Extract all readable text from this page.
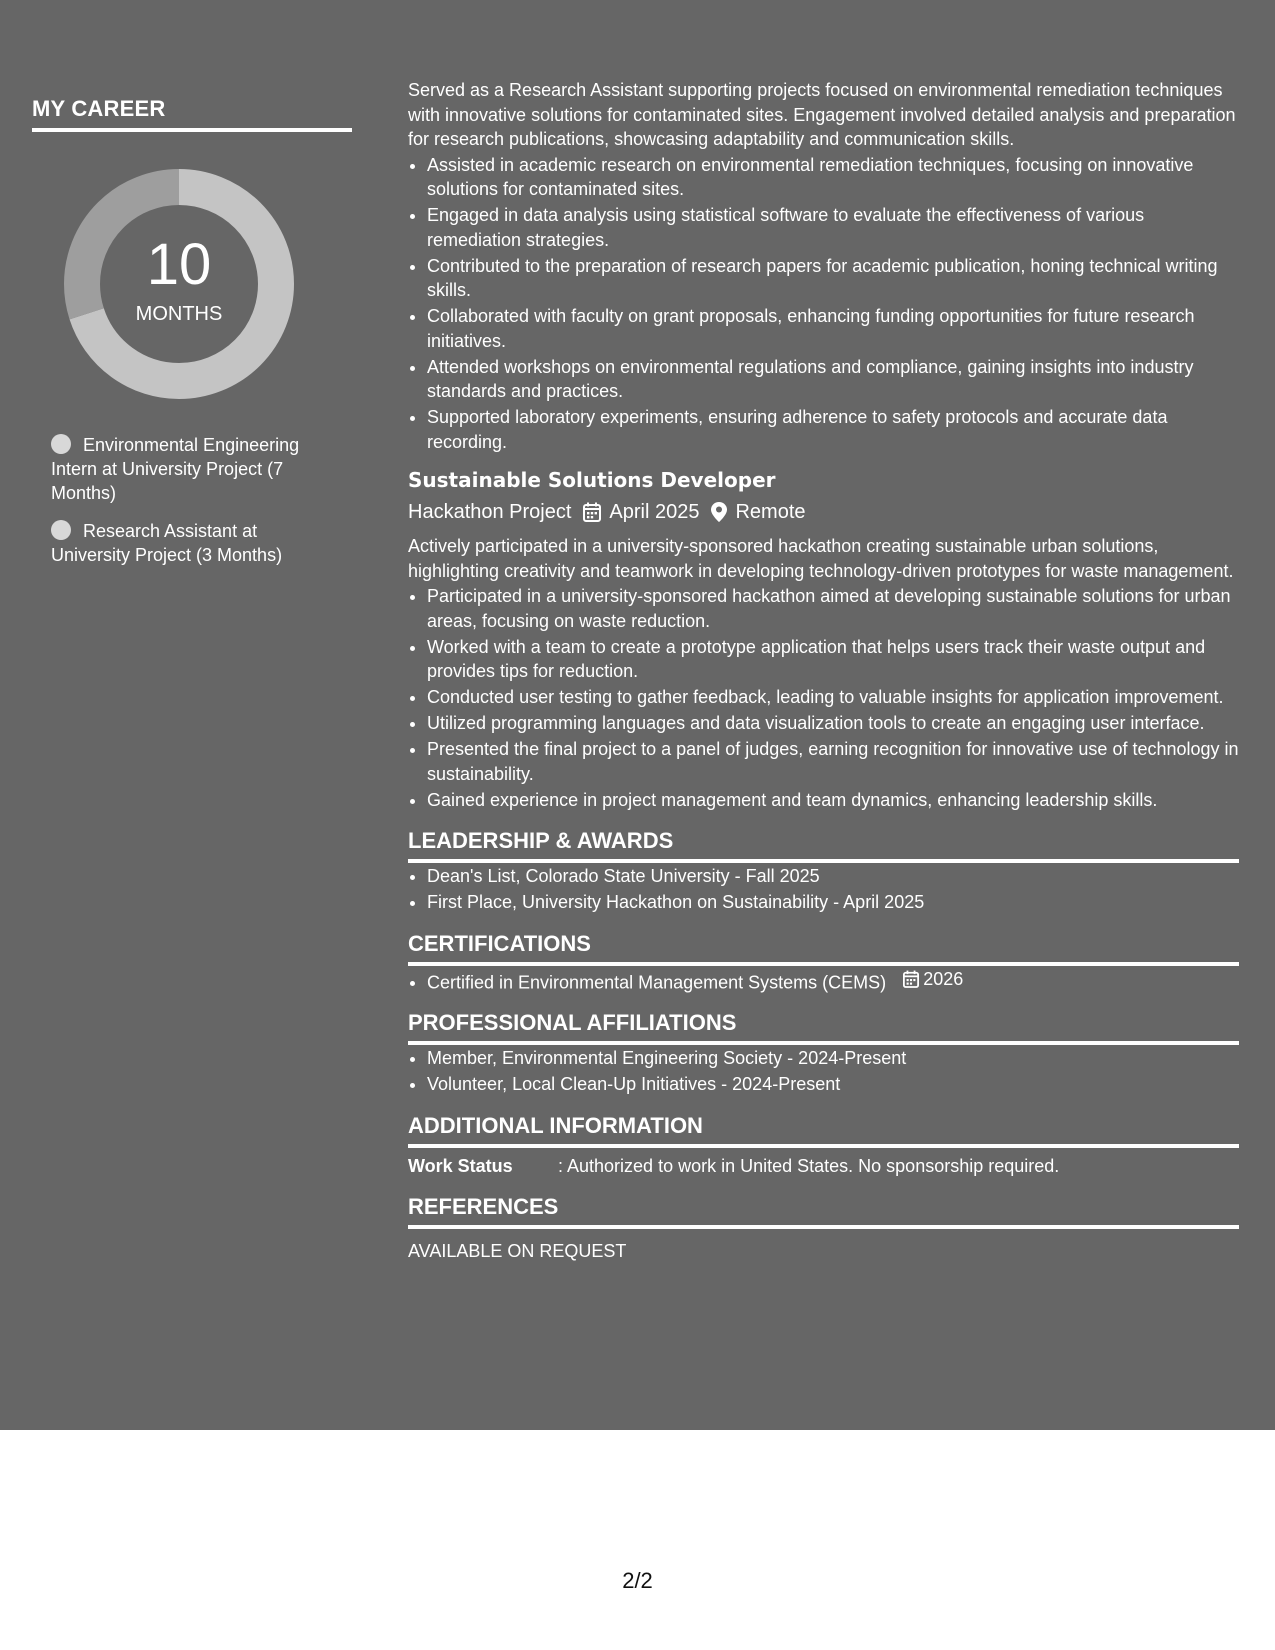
MY CAREER
10
MONTHS
Environmental Engineering Intern at University Project (7 Months)
Research Assistant at University Project (3 Months)

Served as a Research Assistant supporting projects focused on environmental remediation techniques with innovative solutions for contaminated sites. Engagement involved detailed analysis and preparation for research publications, showcasing adaptability and communication skills.

• Assisted in academic research on environmental remediation techniques, focusing on innovative solutions for contaminated sites.
• Engaged in data analysis using statistical software to evaluate the effectiveness of various remediation strategies.
• Contributed to the preparation of research papers for academic publication, honing technical writing skills.
• Collaborated with faculty on grant proposals, enhancing funding opportunities for future research initiatives.
• Attended workshops on environmental regulations and compliance, gaining insights into industry standards and practices.
• Supported laboratory experiments, ensuring adherence to safety protocols and accurate data recording.
Sustainable Solutions Developer
Hackathon Project April 2025 Remote

Actively participated in a university-sponsored hackathon creating sustainable urban solutions, highlighting creativity and teamwork in developing technology-driven prototypes for waste management.

• Participated in a university-sponsored hackathon aimed at developing sustainable solutions for urban areas, focusing on waste reduction.
• Worked with a team to create a prototype application that helps users track their waste output and provides tips for reduction.
• Conducted user testing to gather feedback, leading to valuable insights for application improvement.
• Utilized programming languages and data visualization tools to create an engaging user interface.
• Presented the final project to a panel of judges, earning recognition for innovative use of technology in sustainability.
• Gained experience in project management and team dynamics, enhancing leadership skills.
LEADERSHIP & AWARDS
• Dean's List, Colorado State University - Fall 2025
• First Place, University Hackathon on Sustainability - April 2025
CERTIFICATIONS
• Certified in Environmental Management Systems (CEMS) 2026
PROFESSIONAL AFFILIATIONS
• Member, Environmental Engineering Society - 2024-Present
• Volunteer, Local Clean-Up Initiatives - 2024-Present
ADDITIONAL INFORMATION
Work Status	: Authorized to work in United States. No sponsorship required.
REFERENCES

AVAILABLE ON REQUEST

2/2
